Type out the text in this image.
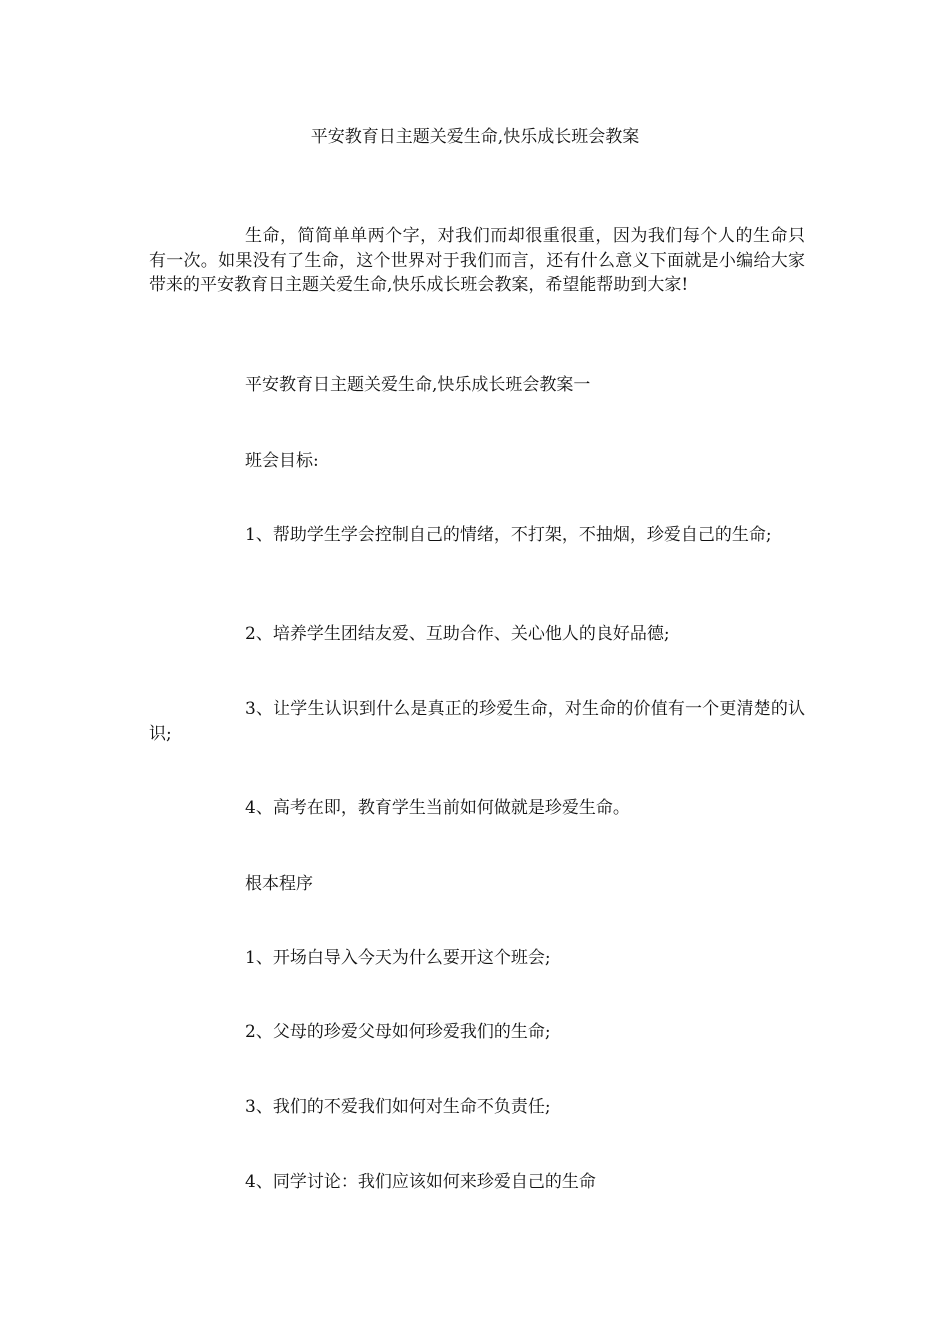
平安教育日主题关爱生命,快乐成长班会教案

生命，简简单单两个字，对我们而却很重很重，因为我们每个人的生命只有一次。如果没有了生命，这个世界对于我们而言，还有什么意义下面就是小编给大家带来的平安教育日主题关爱生命,快乐成长班会教案，希望能帮助到大家!

平安教育日主题关爱生命,快乐成长班会教案一

班会目标:

1、帮助学生学会控制自己的情绪，不打架，不抽烟，珍爱自己的生命;

2、培养学生团结友爱、互助合作、关心他人的良好品德;

3、让学生认识到什么是真正的珍爱生命，对生命的价值有一个更清楚的认识;

4、高考在即，教育学生当前如何做就是珍爱生命。

根本程序

1、开场白导入今天为什么要开这个班会;

2、父母的珍爱父母如何珍爱我们的生命;

3、我们的不爱我们如何对生命不负责任;

4、同学讨论：我们应该如何来珍爱自己的生命
